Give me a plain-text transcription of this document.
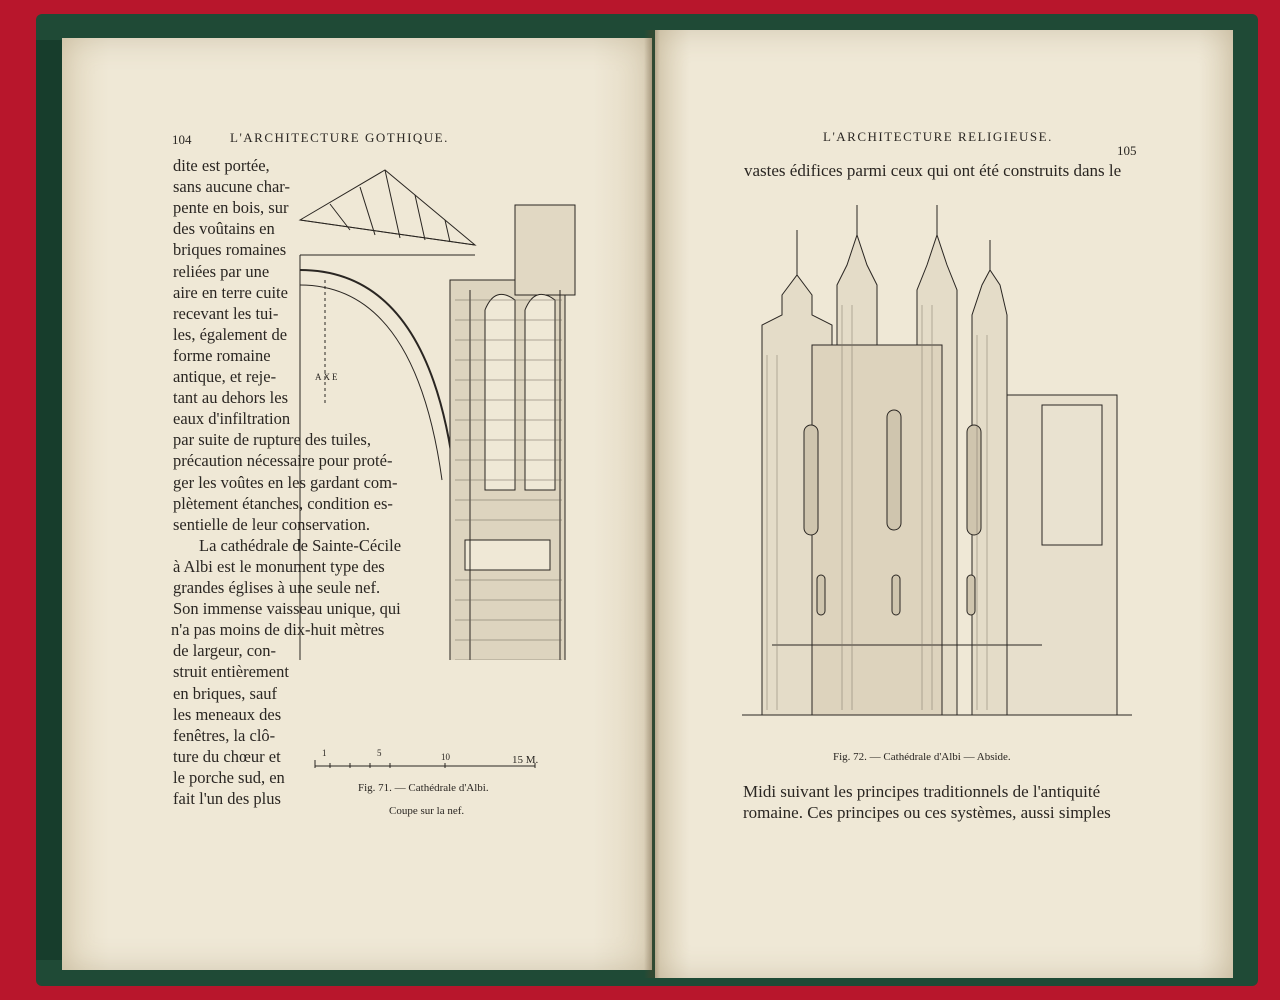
104	L'ARCHITECTURE GOTHIQUE.
dite est portée,
sans aucune char-
pente en bois, sur
des voûtains en
briques romaines
reliées par une
aire en terre cuite
recevant les tui-
les, également de
forme romaine
antique, et reje-
tant au dehors les
eaux d'infiltration
par suite de rupture des tuiles,
précaution nécessaire pour proté-
ger les voûtes en les gardant com-
plètement étanches, condition es-
sentielle de leur conservation.
La cathédrale de Sainte-Cécile
à Albi est le monument type des
grandes églises à une seule nef.
Son immense vaisseau unique, qui
n'a pas moins de dix-huit mètres
de largeur, con-
struit entièrement
en briques, sauf
les meneaux des
fenêtres, la clô-
ture du chœur et
le porche sud, en
fait l'un des plus
AXE
1	5	10	15 M.
Fig. 71. — Cathédrale d'Albi.
Coupe sur la nef.
L'ARCHITECTURE RELIGIEUSE.
105
vastes édifices parmi ceux qui ont été construits dans le
Fig. 72. — Cathédrale d'Albi — Abside.
Midi suivant les principes traditionnels de l'antiquité
romaine. Ces principes ou ces systèmes, aussi simples
